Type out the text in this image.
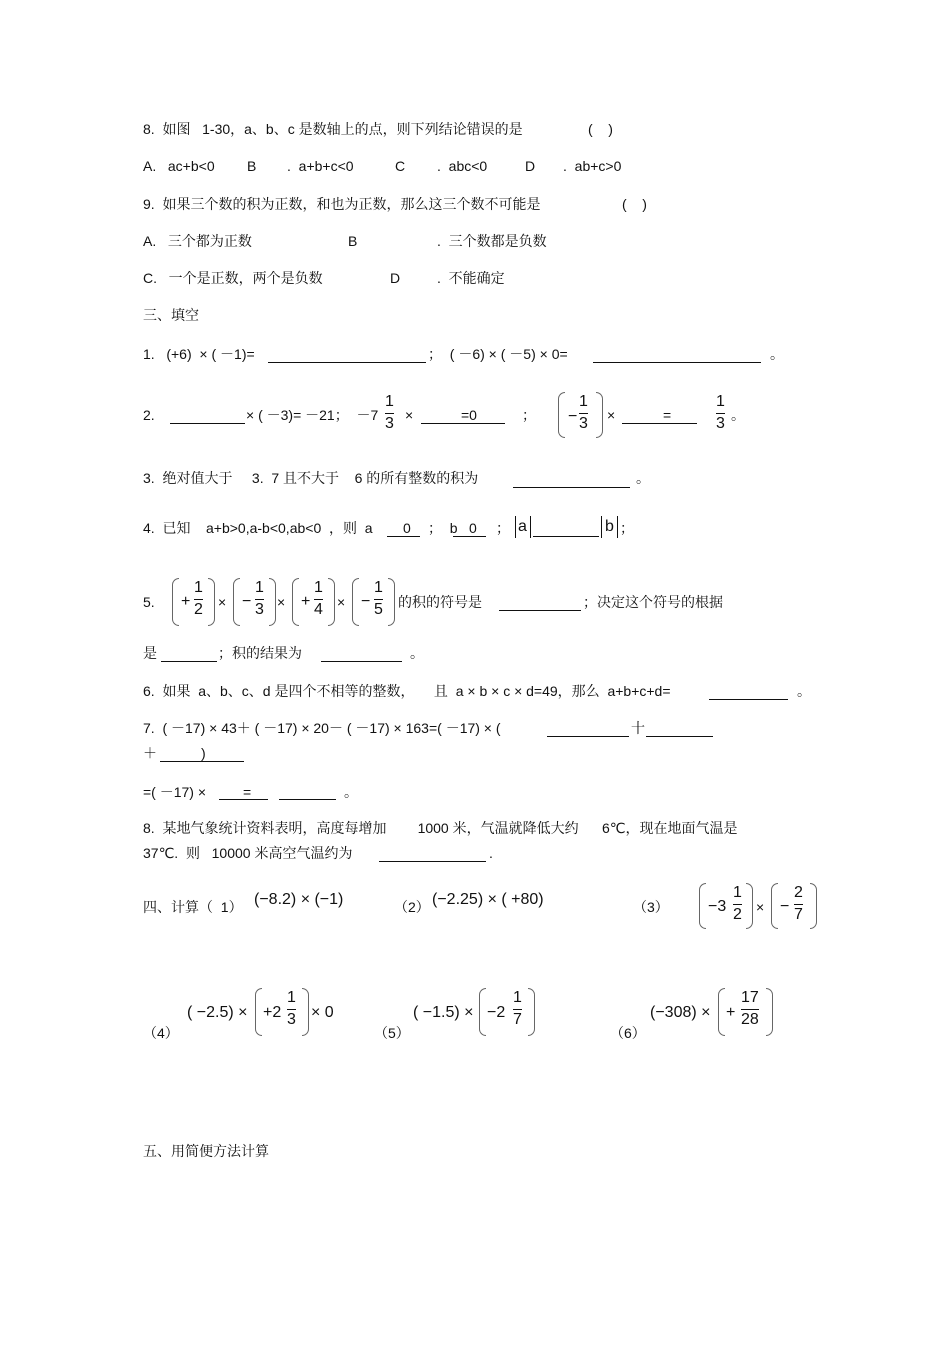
8.  如图   1-30，a、b、c 是数轴上的点，则下列结论错误的是	(    )
A.   ac+b<0 B .  a+b+c<0	C .  abc<0	D .  ab+c>0
9.  如果三个数的积为正数，和也为正数，那么这三个数不可能是	(    )
A.   三个都为正数	B	.  三个数都是负数
C.   一个是正数，两个是负数	D	.  不能确定
三、填空
1.   (+6)  × ( －1)=	；  ( －6) × ( －5) × 0=	。
2.	× ( －3)= －21；  －7
1
3 ×	=0	； −
1
3 ×	=
1
3 。
3.  绝对值大于     3.  7 且不大于    6 的所有整数的积为	。
4.  已知    a+b>0,a-b<0,ab<0  ，则  a 0 ；  b 0 ； a	b ；
5. +
1
2 × −
1
3 × +
1
4 × −
1
5 的积的符号是	；决定这个符号的根据
是	；积的结果为	。
6.  如果  a、b、c、d 是四个不相等的整数，     且  a × b × c × d=49，那么  a+b+c+d=	。
7.  ( －17) × 43＋ ( －17) × 20－ ( －17) × 163=( －17) × (	十
＋	)
=( －17) ×	=	。
8.  某地气象统计资料表明，高度每增加        1000 米，气温就降低大约      6℃，现在地面气温是
37℃.  则   10000 米高空气温约为	.
四、计算（  1） (−8.2) × (−1)	（2） (−2.25) × ( +80)	（3） −3
1
2 × −
2
7
（4）
( −2.5) × +2
1
3 × 0
（5）
( −1.5) × −2
1
7
（6）
(−308) × +
17
28
五、用简便方法计算
